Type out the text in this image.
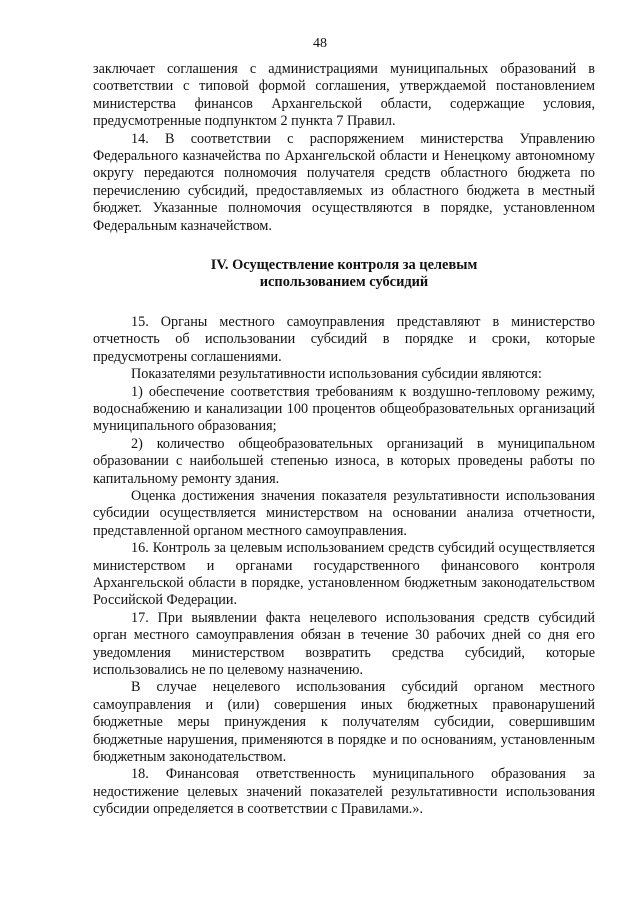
48

заключает соглашения с администрациями муниципальных образований в соответствии с типовой формой соглашения, утверждаемой постановлением министерства финансов Архангельской области, содержащие условия, предусмотренные подпунктом 2 пункта 7 Правил.

14. В соответствии с распоряжением министерства Управлению Федерального казначейства по Архангельской области и Ненецкому автономному округу передаются полномочия получателя средств областного бюджета по перечислению субсидий, предоставляемых из областного бюджета в местный бюджет. Указанные полномочия осуществляются в порядке, установленном Федеральным казначейством.

IV. Осуществление контроля за целевым
использованием субсидий

15. Органы местного самоуправления представляют в министерство отчетность об использовании субсидий в порядке и сроки, которые предусмотрены соглашениями.

Показателями результативности использования субсидии являются:

1) обеспечение соответствия требованиям к воздушно-тепловому режиму, водоснабжению и канализации 100 процентов общеобразовательных организаций муниципального образования;

2) количество общеобразовательных организаций в муниципальном образовании с наибольшей степенью износа, в которых проведены работы по капитальному ремонту здания.

Оценка достижения значения показателя результативности использования субсидии осуществляется министерством на основании анализа отчетности, представленной органом местного самоуправления.

16. Контроль за целевым использованием средств субсидий осуществляется министерством и органами государственного финансового контроля Архангельской области в порядке, установленном бюджетным законодательством Российской Федерации.

17. При выявлении факта нецелевого использования средств субсидий орган местного самоуправления обязан в течение 30 рабочих дней со дня его уведомления министерством возвратить средства субсидий, которые использовались не по целевому назначению.

В случае нецелевого использования субсидий органом местного самоуправления и (или) совершения иных бюджетных правонарушений бюджетные меры принуждения к получателям субсидии, совершившим бюджетные нарушения, применяются в порядке и по основаниям, установленным бюджетным законодательством.

18. Финансовая ответственность муниципального образования за недостижение целевых значений показателей результативности использования субсидии определяется в соответствии с Правилами.».
